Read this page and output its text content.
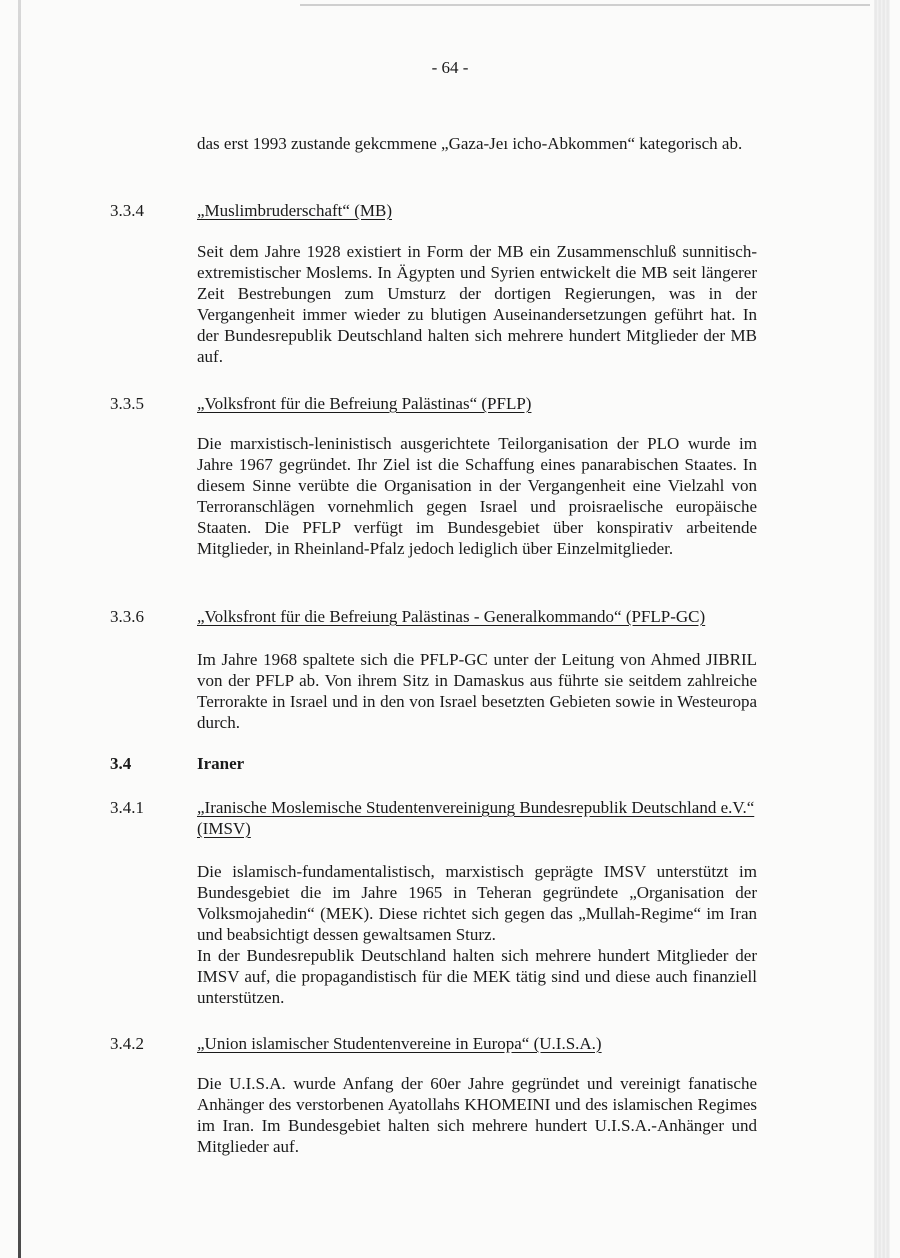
- 64 -

das erst 1993 zustande gekcmmene „Gaza-Jeı icho-Abkommen“ kategorisch ab.

3.3.4	„Muslimbruderschaft“ (MB)

Seit dem Jahre 1928 existiert in Form der MB ein Zusammenschluß sunnitisch-extremistischer Moslems. In Ägypten und Syrien entwickelt die MB seit längerer Zeit Bestrebungen zum Umsturz der dortigen Regierungen, was in der Vergangenheit immer wieder zu blutigen Auseinandersetzungen geführt hat. In der Bundesrepublik Deutschland halten sich mehrere hundert Mitglieder der MB auf.

3.3.5	„Volksfront für die Befreiung Palästinas“ (PFLP)

Die marxistisch-leninistisch ausgerichtete Teilorganisation der PLO wurde im Jahre 1967 gegründet. Ihr Ziel ist die Schaffung eines panarabischen Staates. In diesem Sinne verübte die Organisation in der Vergangenheit eine Vielzahl von Terroranschlägen vornehmlich gegen Israel und proisraelische europäische Staaten. Die PFLP verfügt im Bundesgebiet über konspirativ arbeitende Mitglieder, in Rheinland-Pfalz jedoch lediglich über Einzelmitglieder.

3.3.6	„Volksfront für die Befreiung Palästinas - Generalkommando“ (PFLP-GC)

Im Jahre 1968 spaltete sich die PFLP-GC unter der Leitung von Ahmed JIBRIL von der PFLP ab. Von ihrem Sitz in Damaskus aus führte sie seitdem zahlreiche Terrorakte in Israel und in den von Israel besetzten Gebieten sowie in Westeuropa durch.

3.4	Iraner

3.4.1	„Iranische Moslemische Studentenvereinigung Bundesrepublik Deutschland e.V.“ (IMSV)

Die islamisch-fundamentalistisch, marxistisch geprägte IMSV unterstützt im Bundesgebiet die im Jahre 1965 in Teheran gegründete „Organisation der Volksmojahedin“ (MEK). Diese richtet sich gegen das „Mullah-Regime“ im Iran und beabsichtigt dessen gewaltsamen Sturz.

In der Bundesrepublik Deutschland halten sich mehrere hundert Mitglieder der IMSV auf, die propagandistisch für die MEK tätig sind und diese auch finanziell unterstützen.

3.4.2	„Union islamischer Studentenvereine in Europa“ (U.I.S.A.)

Die U.I.S.A. wurde Anfang der 60er Jahre gegründet und vereinigt fanatische Anhänger des verstorbenen Ayatollahs KHOMEINI und des islamischen Regimes im Iran. Im Bundesgebiet halten sich mehrere hundert U.I.S.A.-Anhänger und Mitglieder auf.
